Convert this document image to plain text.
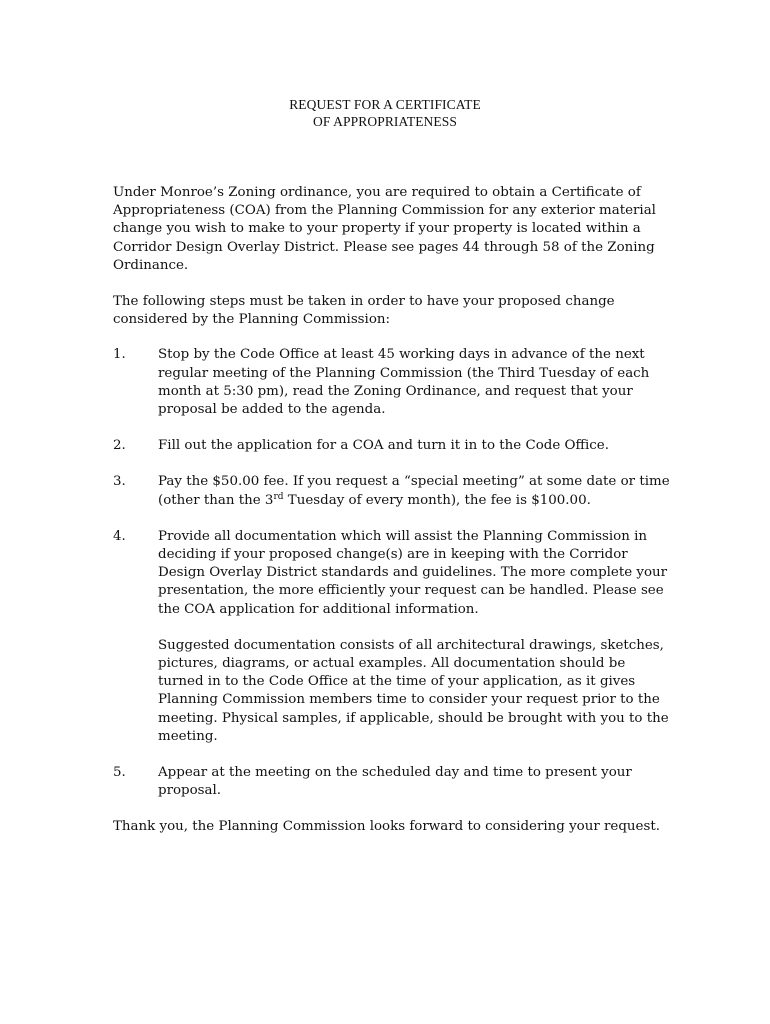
REQUEST FOR A CERTIFICATE
OF APPROPRIATENESS

Under Monroe’s Zoning ordinance, you are required to obtain a Certificate of Appropriateness (COA) from the Planning Commission for any exterior material change you wish to make to your property if your property is located within a Corridor Design Overlay District. Please see pages 44 through 58 of the Zoning Ordinance.

The following steps must be taken in order to have your proposed change considered by the Planning Commission:

1. Stop by the Code Office at least 45 working days in advance of the next regular meeting of the Planning Commission (the Third Tuesday of each month at 5:30 pm), read the Zoning Ordinance, and request that your proposal be added to the agenda.

2. Fill out the application for a COA and turn it in to the Code Office.

3. Pay the $50.00 fee. If you request a “special meeting” at some date or time (other than the 3rd Tuesday of every month), the fee is $100.00.

4. Provide all documentation which will assist the Planning Commission in deciding if your proposed change(s) are in keeping with the Corridor Design Overlay District standards and guidelines. The more complete your presentation, the more efficiently your request can be handled. Please see the COA application for additional information.

Suggested documentation consists of all architectural drawings, sketches, pictures, diagrams, or actual examples. All documentation should be turned in to the Code Office at the time of your application, as it gives Planning Commission members time to consider your request prior to the meeting. Physical samples, if applicable, should be brought with you to the meeting.

5. Appear at the meeting on the scheduled day and time to present your proposal.

Thank you, the Planning Commission looks forward to considering your request.
